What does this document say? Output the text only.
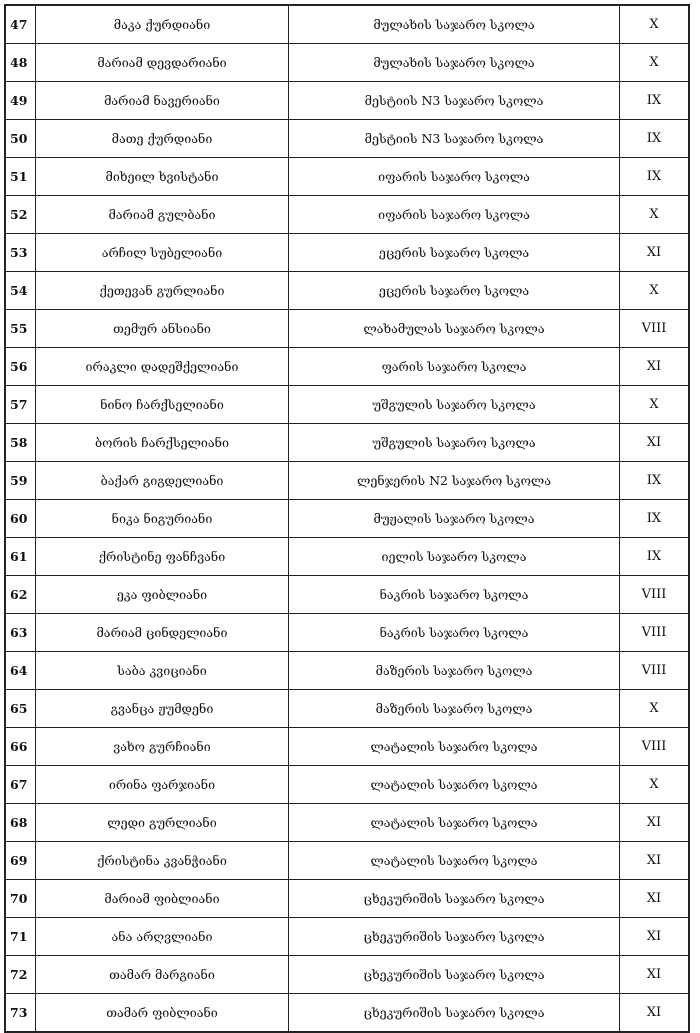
47	მაკა ქურდიანი	მულახის საჯარო სკოლა	X
48	მარიამ დევდარიანი	მულახის საჯარო სკოლა	X
49	მარიამ ნავერიანი	მესტიის N3 საჯარო სკოლა	IX
50	მათე ქურდიანი	მესტიის N3 საჯარო სკოლა	IX
51	მიხეილ ხვისტანი	იფარის საჯარო სკოლა	IX
52	მარიამ გულბანი	იფარის საჯარო სკოლა	X
53	არჩილ სუბელიანი	ეცერის საჯარო სკოლა	XI
54	ქეთევან გურლიანი	ეცერის საჯარო სკოლა	X
55	თემურ ანსიანი	ლახამულას საჯარო სკოლა	VIII
56	ირაკლი დადეშქელიანი	ფარის საჯარო სკოლა	XI
57	ნინო ჩარქსელიანი	უშგულის საჯარო სკოლა	X
58	ბორის ჩარქსელიანი	უშგულის საჯარო სკოლა	XI
59	ბაქარ გიგდელიანი	ლენჯერის N2 საჯარო სკოლა	IX
60	ნიკა ნიგურიანი	მუჟალის საჯარო სკოლა	IX
61	ქრისტინე ფანჩვანი	იელის საჯარო სკოლა	IX
62	ეკა ფიბლიანი	ნაკრის საჯარო სკოლა	VIII
63	მარიამ ცინდელიანი	ნაკრის საჯარო სკოლა	VIII
64	საბა კვიციანი	მაზერის საჯარო სკოლა	VIII
65	გვანცა ჟუმდენი	მაზერის საჯარო სკოლა	X
66	ვახო გურჩიანი	ლატალის საჯარო სკოლა	VIII
67	ირინა ფარჯიანი	ლატალის საჯარო სკოლა	X
68	ლედი გურლიანი	ლატალის საჯარო სკოლა	XI
69	ქრისტინა კვანჭიანი	ლატალის საჯარო სკოლა	XI
70	მარიამ ფიბლიანი	ცხეკურიშის საჯარო სკოლა	XI
71	ანა არღვლიანი	ცხეკურიშის საჯარო სკოლა	XI
72	თამარ მარგიანი	ცხეკურიშის საჯარო სკოლა	XI
73	თამარ ფიბლიანი	ცხეკურიშის საჯარო სკოლა	XI
